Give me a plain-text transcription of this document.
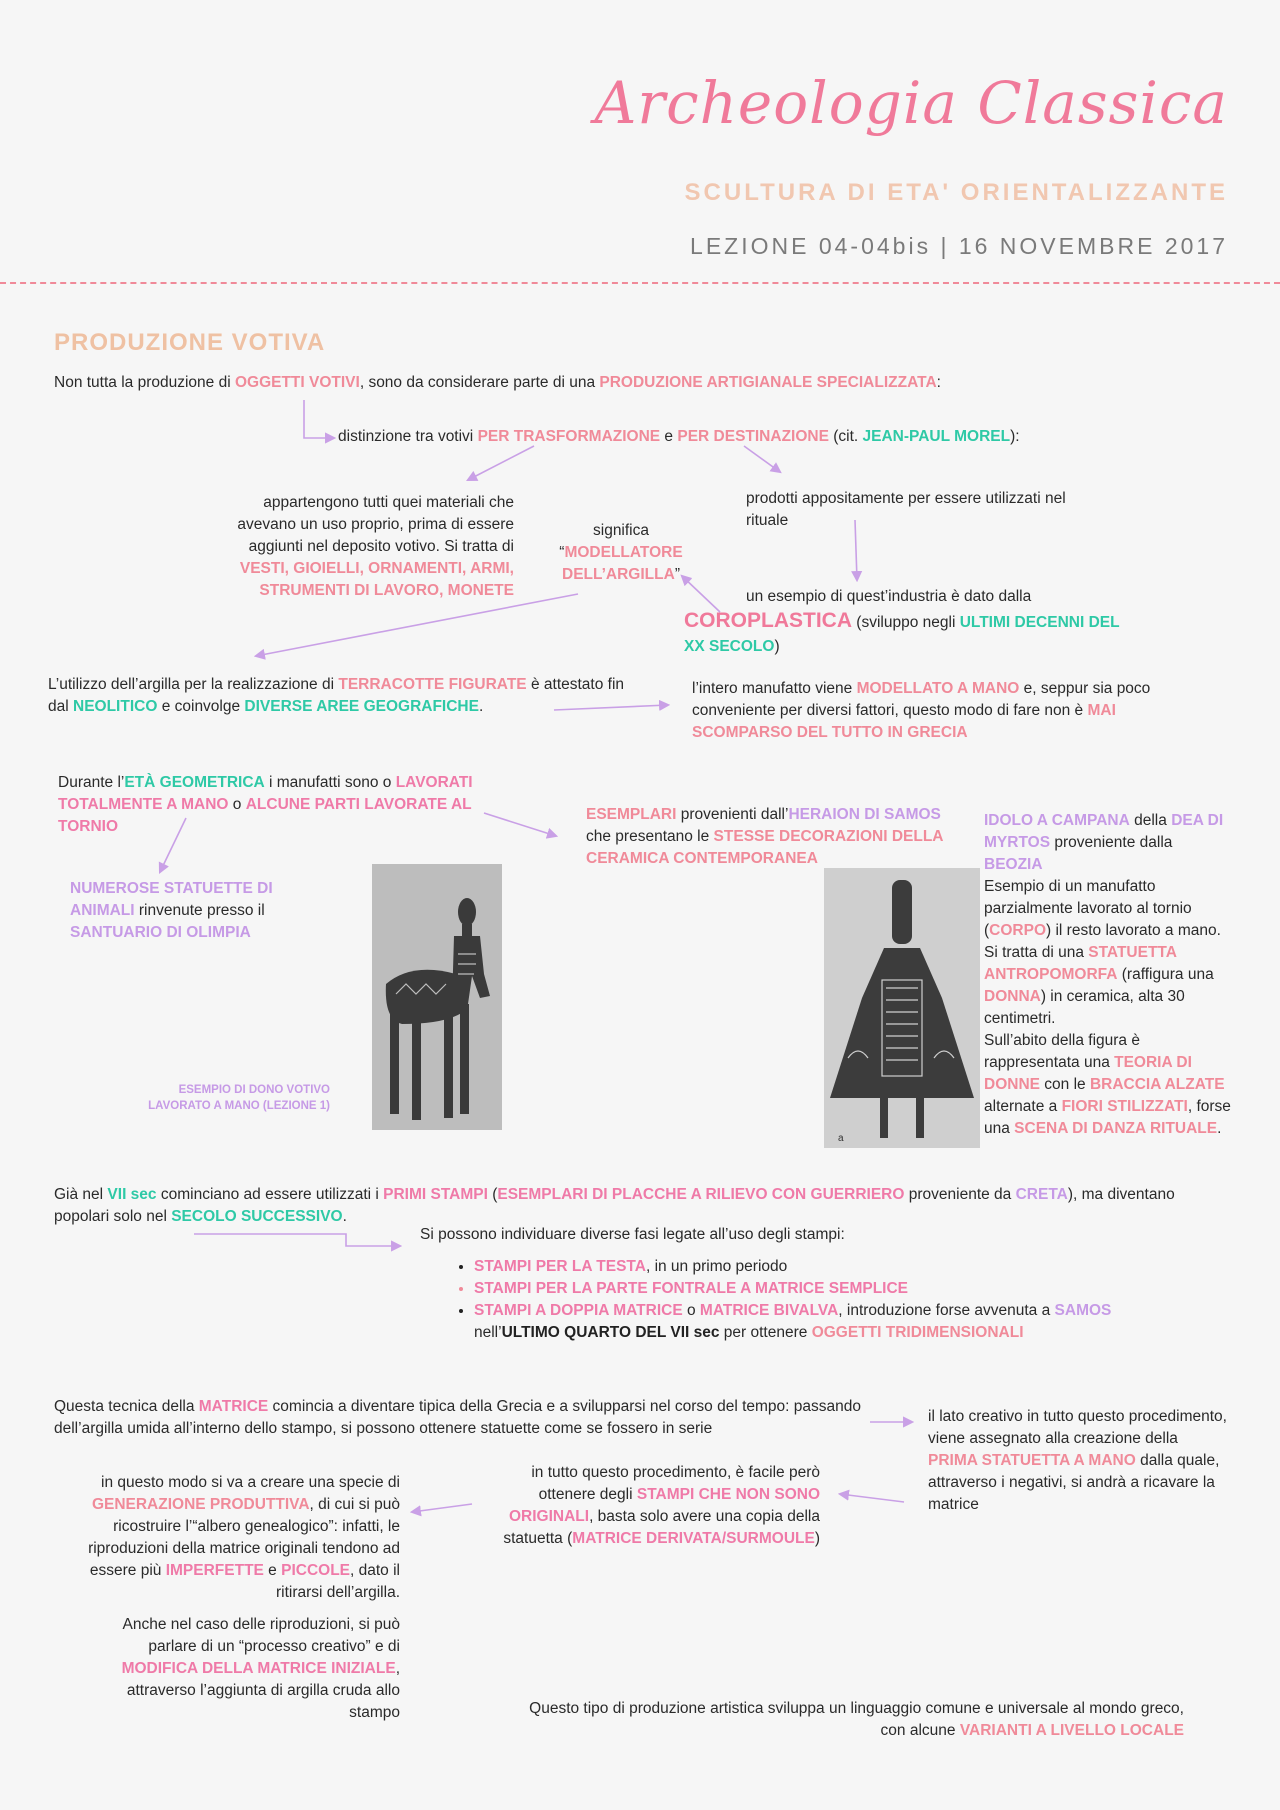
Archeologia Classica
SCULTURA DI ETA' ORIENTALIZZANTE
LEZIONE 04-04bis | 16 NOVEMBRE 2017
PRODUZIONE VOTIVA
Non tutta la produzione di OGGETTI VOTIVI, sono da considerare parte di una PRODUZIONE ARTIGIANALE SPECIALIZZATA:
distinzione tra votivi PER TRASFORMAZIONE e PER DESTINAZIONE (cit. JEAN-PAUL MOREL):
appartengono tutti quei materiali che avevano un uso proprio, prima di essere aggiunti nel deposito votivo. Si tratta di VESTI, GIOIELLI, ORNAMENTI, ARMI, STRUMENTI DI LAVORO, MONETE
significa
“MODELLATORE DELL’ARGILLA”
prodotti appositamente per essere utilizzati nel rituale
un esempio di quest’industria è dato dalla
COROPLASTICA (sviluppo negli ULTIMI DECENNI DEL XX SECOLO)
L’utilizzo dell’argilla per la realizzazione di TERRACOTTE FIGURATE è attestato fin dal NEOLITICO e coinvolge DIVERSE AREE GEOGRAFICHE.
l’intero manufatto viene MODELLATO A MANO e, seppur sia poco conveniente per diversi fattori, questo modo di fare non è MAI SCOMPARSO DEL TUTTO IN GRECIA
Durante l’ETÀ GEOMETRICA i manufatti sono o LAVORATI TOTALMENTE A MANO o ALCUNE PARTI LAVORATE AL TORNIO
NUMEROSE STATUETTE DI ANIMALI rinvenute presso il SANTUARIO DI OLIMPIA
ESEMPIO DI DONO VOTIVO LAVORATO A MANO (LEZIONE 1)
ESEMPLARI provenienti dall’HERAION DI SAMOS che presentano le STESSE DECORAZIONI DELLA CERAMICA CONTEMPORANEA
a
IDOLO A CAMPANA della DEA DI MYRTOS proveniente dalla BEOZIA
Esempio di un manufatto parzialmente lavorato al tornio (CORPO) il resto lavorato a mano. Si tratta di una STATUETTA ANTROPOMORFA (raffigura una DONNA) in ceramica, alta 30 centimetri.
Sull’abito della figura è rappresentata una TEORIA DI DONNE con le BRACCIA ALZATE alternate a FIORI STILIZZATI, forse una SCENA DI DANZA RITUALE.
Già nel VII sec cominciano ad essere utilizzati i PRIMI STAMPI (ESEMPLARI DI PLACCHE A RILIEVO CON GUERRIERO proveniente da CRETA), ma diventano popolari solo nel SECOLO SUCCESSIVO.
Si possono individuare diverse fasi legate all’uso degli stampi:
• STAMPI PER LA TESTA, in un primo periodo
• STAMPI PER LA PARTE FONTRALE A MATRICE SEMPLICE
• STAMPI A DOPPIA MATRICE o MATRICE BIVALVA, introduzione forse avvenuta a SAMOS
nell’ULTIMO QUARTO DEL VII sec per ottenere OGGETTI TRIDIMENSIONALI
Questa tecnica della MATRICE comincia a diventare tipica della Grecia e a svilupparsi nel corso del tempo: passando dell’argilla umida all’interno dello stampo, si possono ottenere statuette come se fossero in serie
il lato creativo in tutto questo procedimento, viene assegnato alla creazione della PRIMA STATUETTA A MANO dalla quale, attraverso i negativi, si andrà a ricavare la matrice
in tutto questo procedimento, è facile però ottenere degli STAMPI CHE NON SONO ORIGINALI, basta solo avere una copia della statuetta (MATRICE DERIVATA/SURMOULE)
in questo modo si va a creare una specie di GENERAZIONE PRODUTTIVA, di cui si può ricostruire l’“albero genealogico”: infatti, le riproduzioni della matrice originali tendono ad essere più IMPERFETTE e PICCOLE, dato il ritirarsi dell’argilla.
Anche nel caso delle riproduzioni, si può parlare di un “processo creativo” e di MODIFICA DELLA MATRICE INIZIALE, attraverso l’aggiunta di argilla cruda allo stampo	Questo tipo di produzione artistica sviluppa un linguaggio comune e universale al mondo greco, con alcune VARIANTI A LIVELLO LOCALE
